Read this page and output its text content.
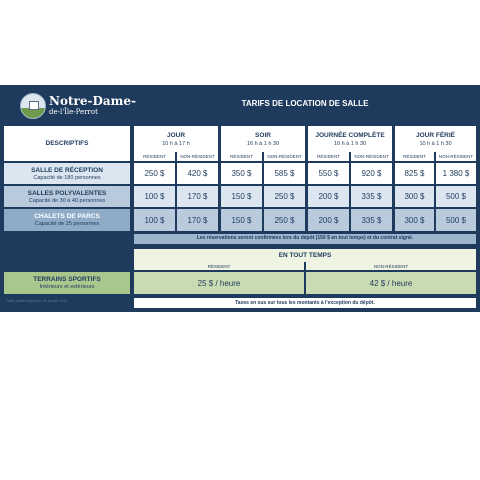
Notre-Dame-
de-l'Île-Perrot
TARIFS DE LOCATION DE SALLE
DESCRIPTIFS
JOUR
10 h à 17 h
SOIR
16 h à 1 h 30
JOURNÉE COMPLÈTE
10 h à 1 h 30
JOUR FÉRIÉ
10 h à 1 h 30
RÉSIDENT	NON-RÉSIDENT	RÉSIDENT	NON-RÉSIDENT	RÉSIDENT	NON-RÉSIDENT	RÉSIDENT	NON-RÉSIDENT
SALLE DE RÉCEPTION
Capacité de 180 personnes	250 $	420 $	350 $	585 $	550 $	920 $	825 $	1 380 $
SALLES POLYVALENTES
Capacité de 30 à 40 personnes	100 $	170 $	150 $	250 $	200 $	335 $	300 $	500 $
CHALETS DE PARCS
Capacité de 25 personnes	100 $	170 $	150 $	250 $	200 $	335 $	300 $	500 $
Les réservations seront confirmées lors du dépôt (150 $ en tout temps) et du contrat signé.
EN TOUT TEMPS
RÉSIDENT	NON-RÉSIDENT
TERRAINS SPORTIFS
Intérieurs et extérieurs	25 $ / heure	42 $ / heure
Tarifs valides depuis le 1er janvier 2024	Taxes en sus sur tous les montants à l'exception du dépôt.
